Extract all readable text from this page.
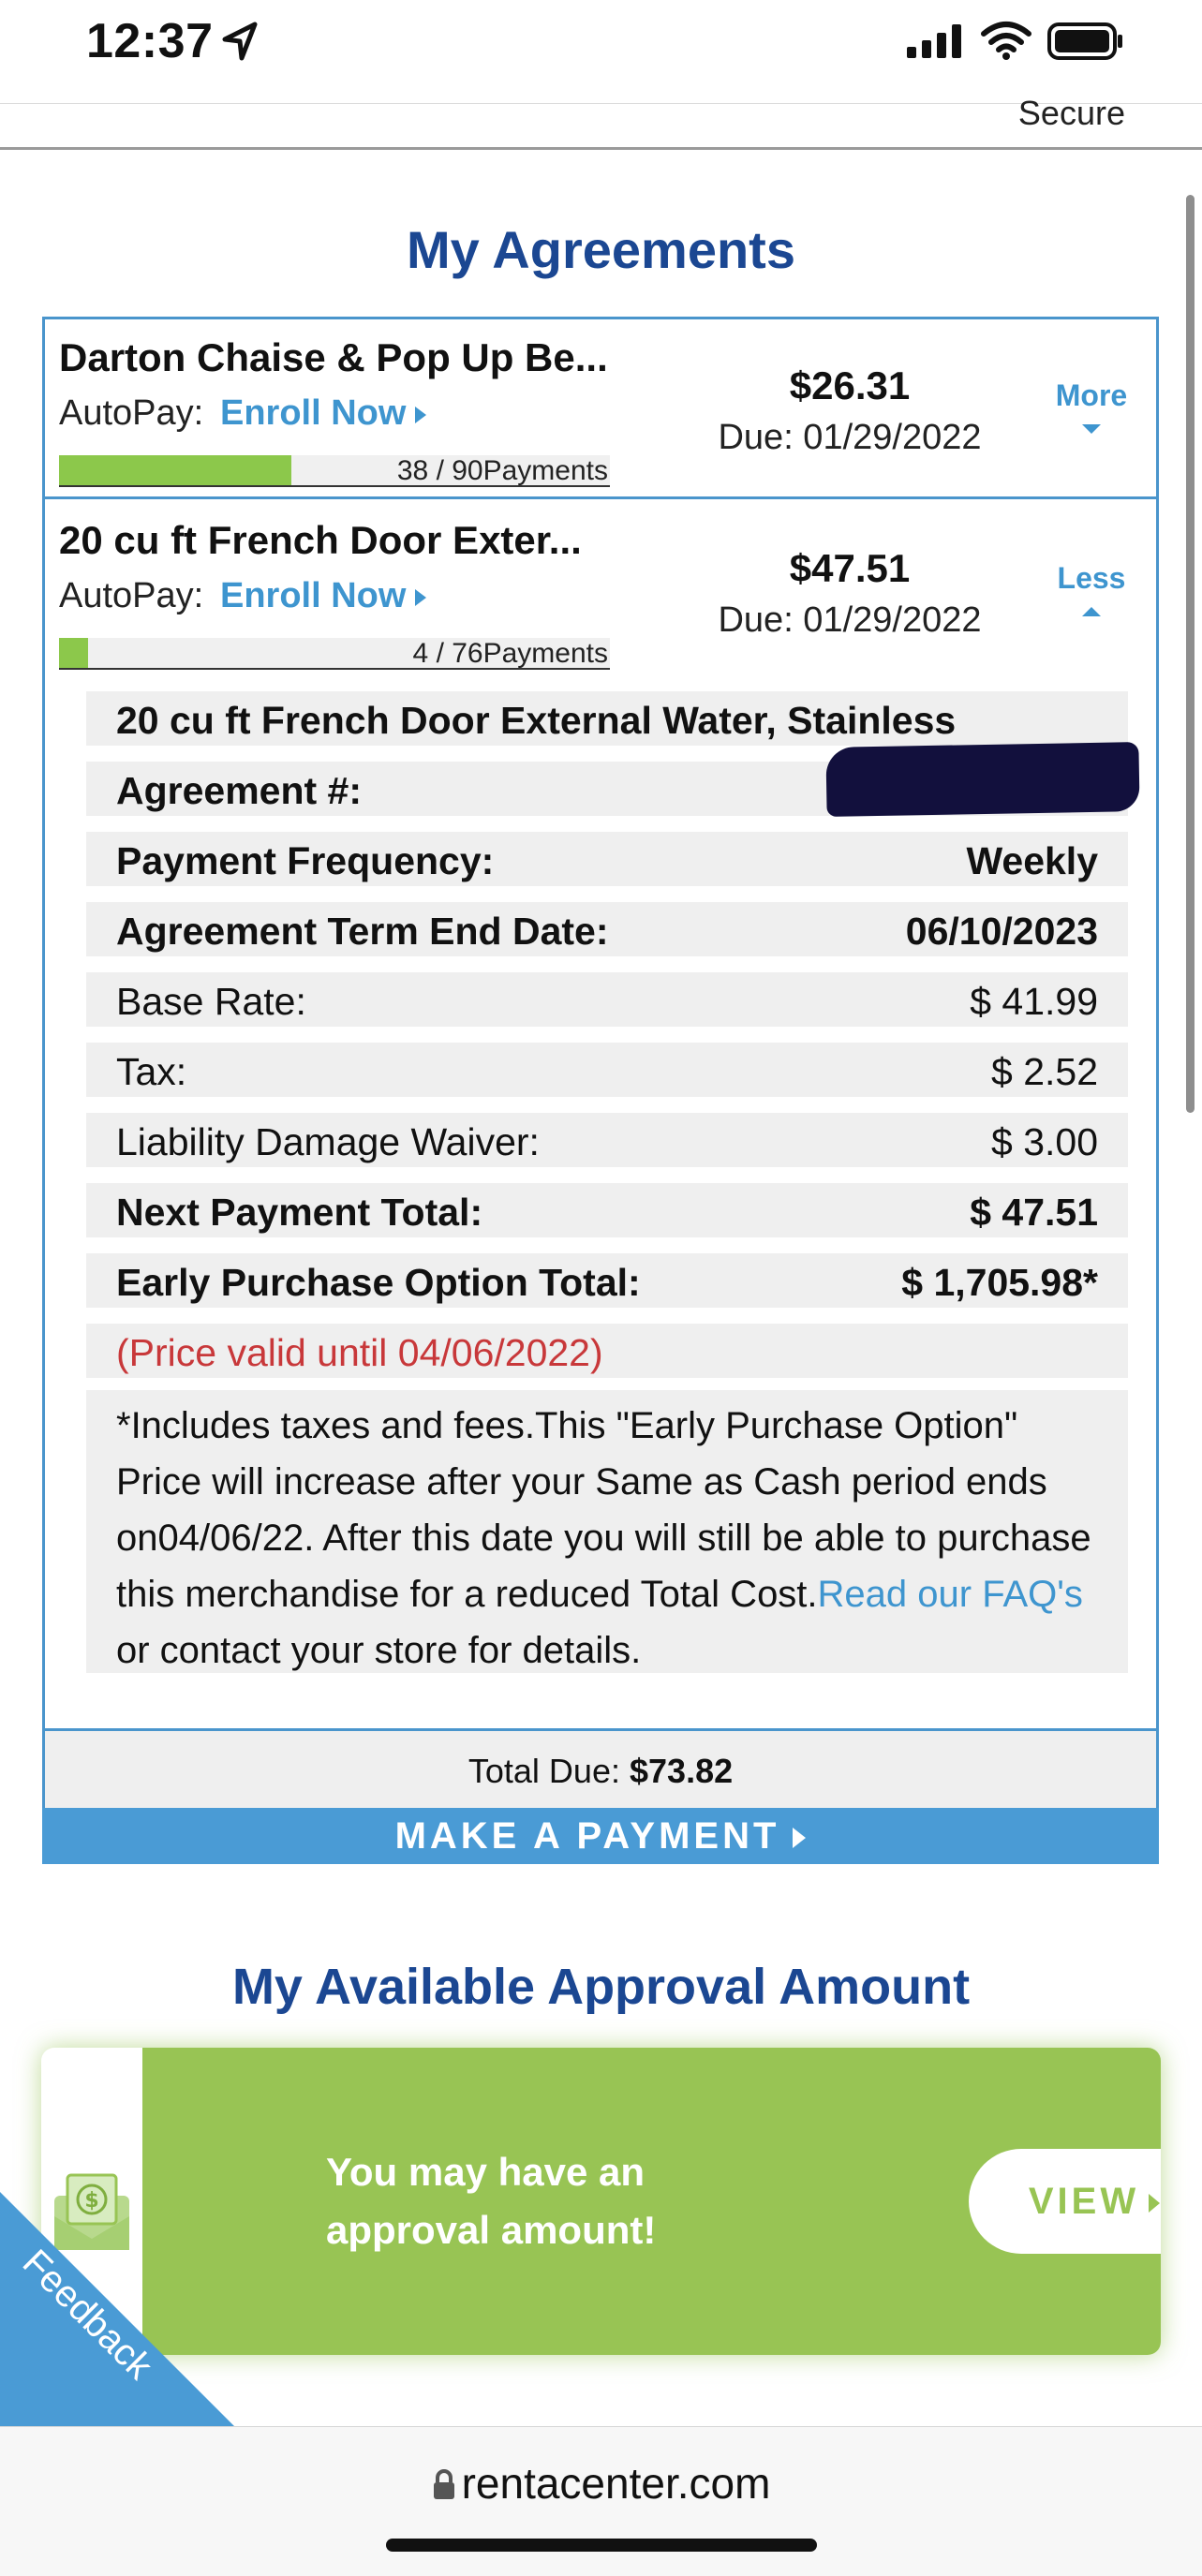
12:37
Secure
My Agreements
Darton Chaise & Pop Up Be...
AutoPay: Enroll Now
38 / 90Payments
$26.31
Due: 01/29/2022
More
20 cu ft French Door Exter...
AutoPay: Enroll Now
4 / 76Payments
$47.51
Due: 01/29/2022
Less
20 cu ft French Door External Water, Stainless
Agreement #:
Payment Frequency:	Weekly
Agreement Term End Date:	06/10/2023
Base Rate:	$ 41.99
Tax:	$ 2.52
Liability Damage Waiver:	$ 3.00
Next Payment Total:	$ 47.51
Early Purchase Option Total:	$ 1,705.98*
(Price valid until 04/06/2022)
*Includes taxes and fees.This "Early Purchase Option" Price will increase after your Same as Cash period ends on04/06/22. After this date you will still be able to purchase this merchandise for a reduced Total Cost.Read our FAQ's or contact your store for details.
Total Due: $73.82
MAKE A PAYMENT
My Available Approval Amount
$
You may have an
approval amount!
VIEW
Feedback
rentacenter.com
